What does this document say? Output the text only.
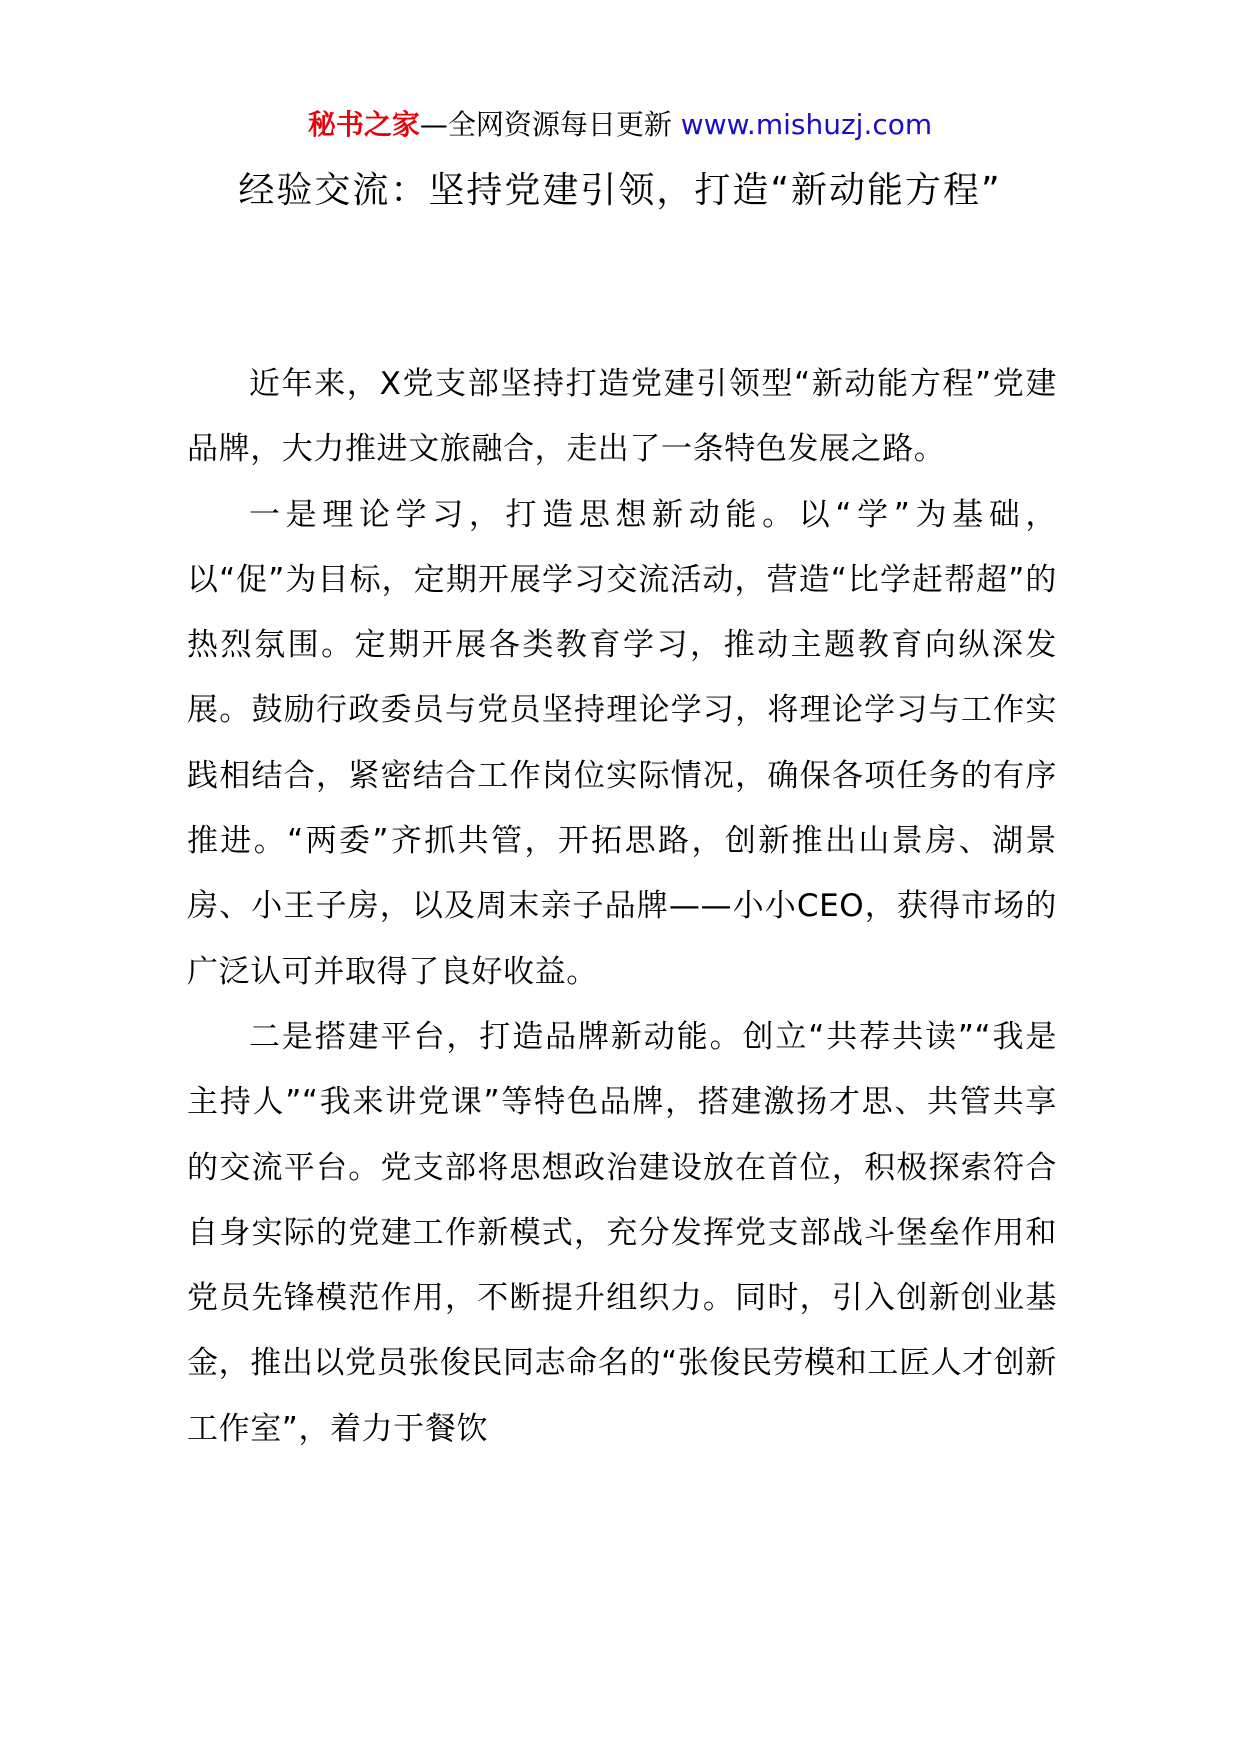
秘书之家—全网资源每日更新 www.mishuzj.com
经验交流：坚持党建引领，打造“新动能方程”

近年来，X党支部坚持打造党建引领型“新动能方程”党建品牌，大力推进文旅融合，走出了一条特色发展之路。

一是理论学习，打造思想新动能。以“学”为基础，以“促”为目标，定期开展学习交流活动，营造“比学赶帮超”的热烈氛围。定期开展各类教育学习，推动主题教育向纵深发展。鼓励行政委员与党员坚持理论学习，将理论学习与工作实践相结合，紧密结合工作岗位实际情况，确保各项任务的有序推进。“两委”齐抓共管，开拓思路，创新推出山景房、湖景房、小王子房，以及周末亲子品牌——小小CEO，获得市场的广泛认可并取得了良好收益。

二是搭建平台，打造品牌新动能。创立“共荐共读”“我是主持人”“我来讲党课”等特色品牌，搭建激扬才思、共管共享的交流平台。党支部将思想政治建设放在首位，积极探索符合自身实际的党建工作新模式，充分发挥党支部战斗堡垒作用和党员先锋模范作用，不断提升组织力。同时，引入创新创业基金，推出以党员张俊民同志命名的“张俊民劳模和工匠人才创新工作室”，着力于餐饮
